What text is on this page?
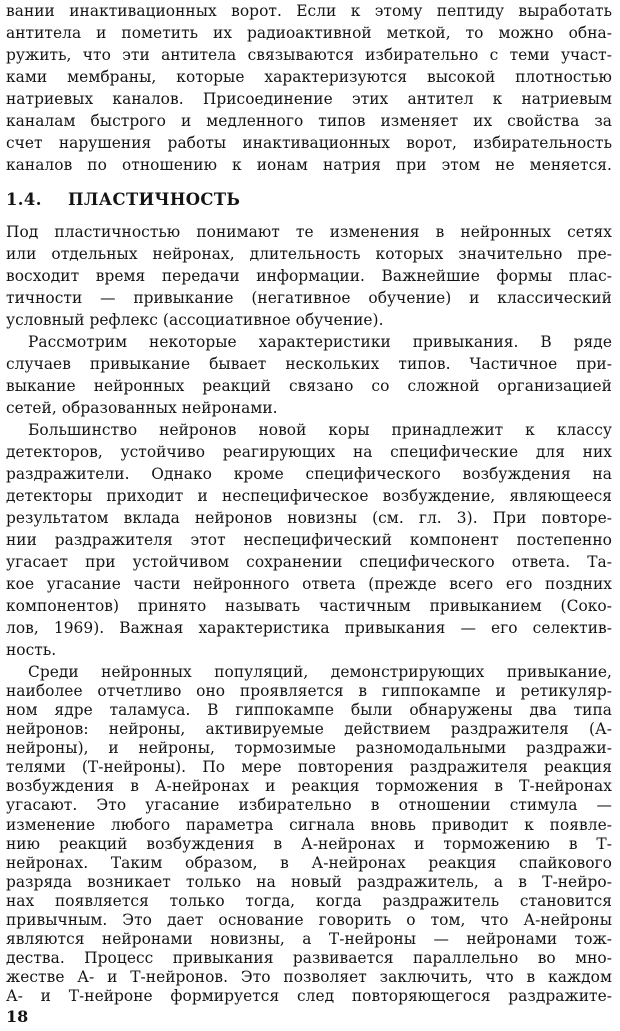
вании инактивационных ворот. Если к этому пептиду выработать
антитела и пометить их радиоактивной меткой, то можно обна-
ружить, что эти антитела связываются избирательно с теми участ-
ками мембраны, которые характеризуются высокой плотностью
натриевых каналов. Присоединение этих антител к натриевым
каналам быстрого и медленного типов изменяет их свойства за
счет нарушения работы инактивационных ворот, избирательность
каналов по отношению к ионам натрия при этом не меняется.
1.4. ПЛАСТИЧНОСТЬ
Под пластичностью понимают те изменения в нейронных сетях
или отдельных нейронах, длительность которых значительно пре-
восходит время передачи информации. Важнейшие формы плас-
тичности — привыкание (негативное обучение) и классический
условный рефлекс (ассоциативное обучение).
Рассмотрим некоторые характеристики привыкания. В ряде
случаев привыкание бывает нескольких типов. Частичное при-
выкание нейронных реакций связано со сложной организацией
сетей, образованных нейронами.
Большинство нейронов новой коры принадлежит к классу
детекторов, устойчиво реагирующих на специфические для них
раздражители. Однако кроме специфического возбуждения на
детекторы приходит и неспецифическое возбуждение, являющееся
результатом вклада нейронов новизны (см. гл. 3). При повторе-
нии раздражителя этот неспецифический компонент постепенно
угасает при устойчивом сохранении специфического ответа. Та-
кое угасание части нейронного ответа (прежде всего его поздних
компонентов) принято называть частичным привыканием (Соко-
лов, 1969). Важная характеристика привыкания — его селектив-
ность.
Среди нейронных популяций, демонстрирующих привыкание,
наиболее отчетливо оно проявляется в гиппокампе и ретикуляр-
ном ядре таламуса. В гиппокампе были обнаружены два типа
нейронов: нейроны, активируемые действием раздражителя (А-
нейроны), и нейроны, тормозимые разномодальными раздражи-
телями (Т-нейроны). По мере повторения раздражителя реакция
возбуждения в А-нейронах и реакция торможения в Т-нейронах
угасают. Это угасание избирательно в отношении стимула —
изменение любого параметра сигнала вновь приводит к появле-
нию реакций возбуждения в А-нейронах и торможению в Т-
нейронах. Таким образом, в А-нейронах реакция спайкового
разряда возникает только на новый раздражитель, а в Т-нейро-
нах появляется только тогда, когда раздражитель становится
привычным. Это дает основание говорить о том, что А-нейроны
являются нейронами новизны, а Т-нейроны — нейронами тож-
дества. Процесс привыкания развивается параллельно во мно-
жестве А- и Т-нейронов. Это позволяет заключить, что в каждом
А- и Т-нейроне формируется след повторяющегося раздражите-
18
